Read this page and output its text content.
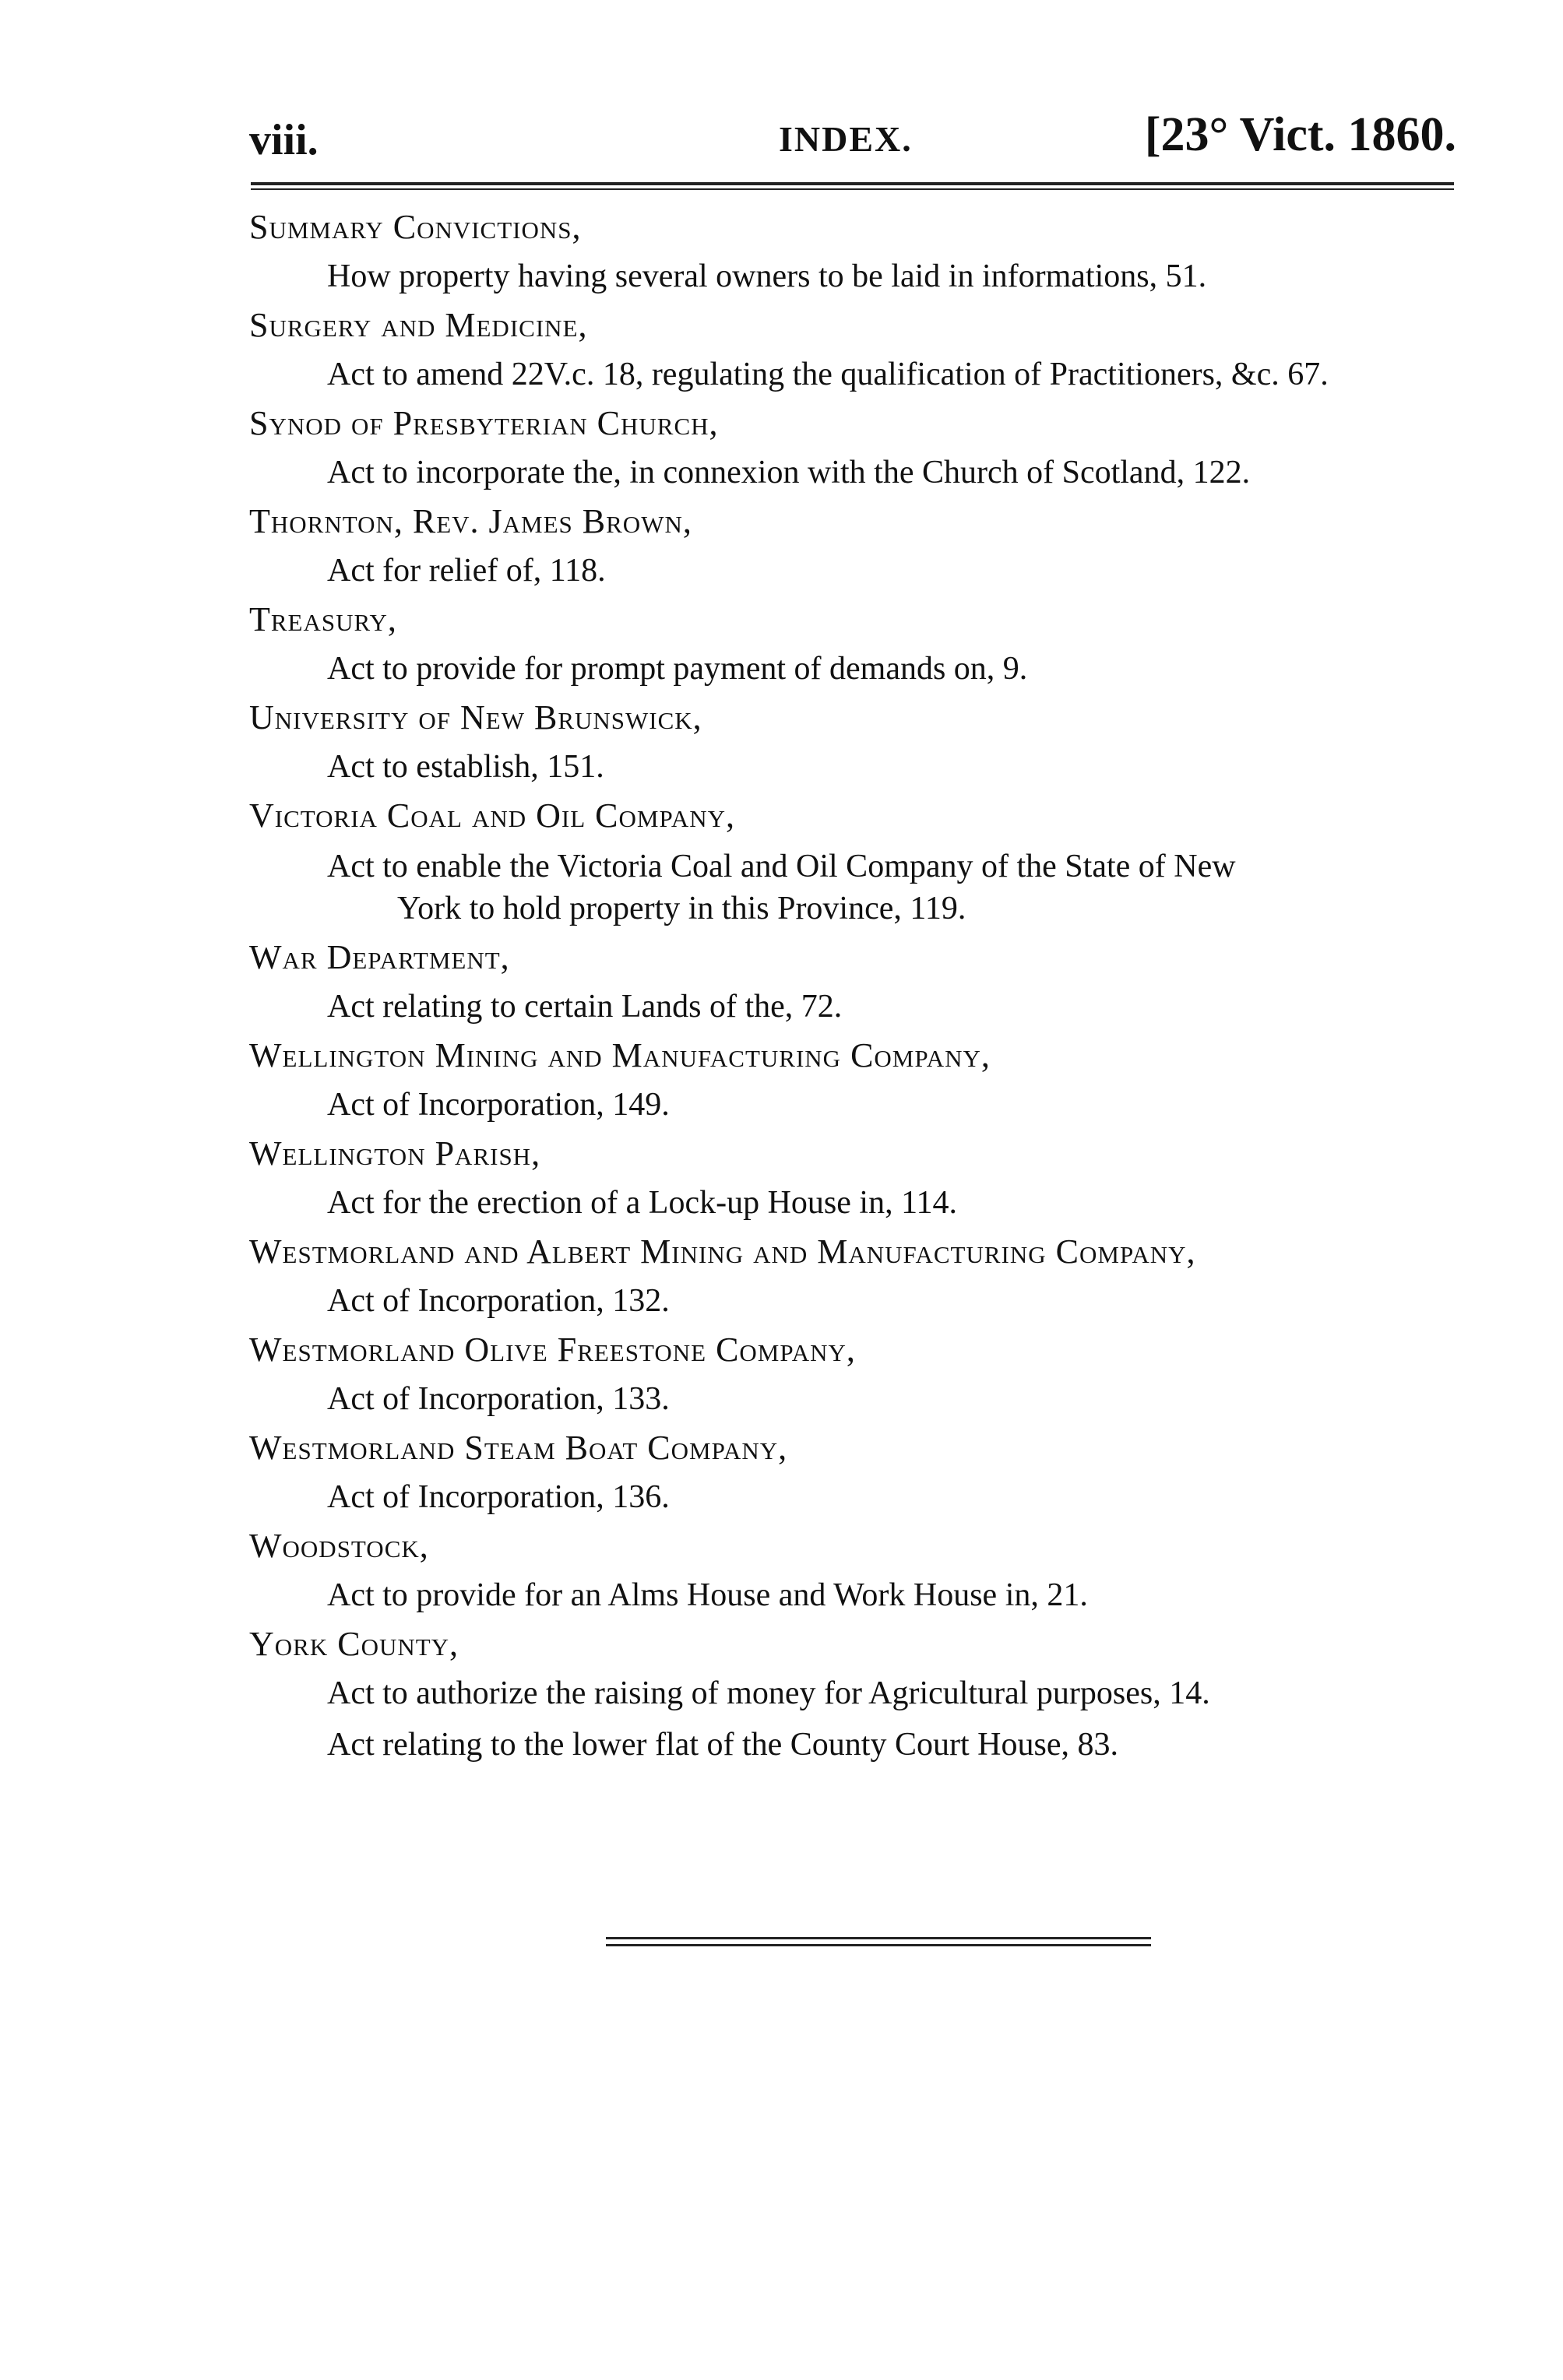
viii.	INDEX.	[23° Vict. 1860.
Summary Convictions,
How property having several owners to be laid in informations, 51.
Surgery and Medicine,
Act to amend 22V.c. 18, regulating the qualification of Practitioners, &c. 67.
Synod of Presbyterian Church,
Act to incorporate the, in connexion with the Church of Scotland, 122.
Thornton, Rev. James Brown,
Act for relief of, 118.
Treasury,
Act to provide for prompt payment of demands on, 9.
University of New Brunswick,
Act to establish, 151.
Victoria Coal and Oil Company,
Act to enable the Victoria Coal and Oil Company of the State of New
York to hold property in this Province, 119.
War Department,
Act relating to certain Lands of the, 72.
Wellington Mining and Manufacturing Company,
Act of Incorporation, 149.
Wellington Parish,
Act for the erection of a Lock-up House in, 114.
Westmorland and Albert Mining and Manufacturing Company,
Act of Incorporation, 132.
Westmorland Olive Freestone Company,
Act of Incorporation, 133.
Westmorland Steam Boat Company,
Act of Incorporation, 136.
Woodstock,
Act to provide for an Alms House and Work House in, 21.
York County,
Act to authorize the raising of money for Agricultural purposes, 14.
Act relating to the lower flat of the County Court House, 83.
